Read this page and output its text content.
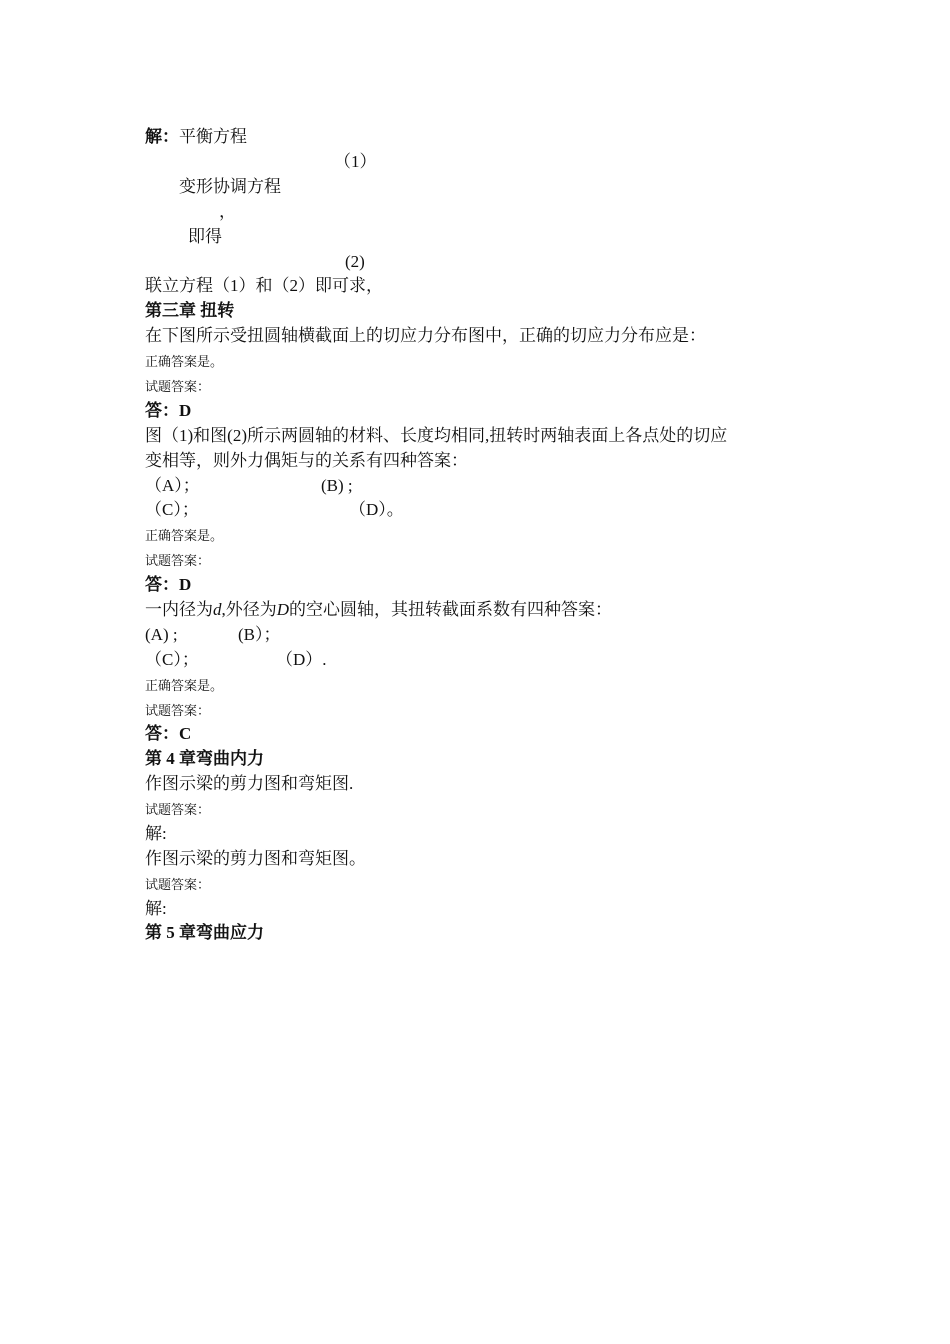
解：平衡方程
（1）
变形协调方程
，
即得
(2)
联立方程（1）和（2）即可求，
第三章 扭转
在下图所示受扭圆轴横截面上的切应力分布图中，正确的切应力分布应是：
正确答案是。
试题答案：
答：D
图（1)和图(2)所示两圆轴的材料、长度均相同,扭转时两轴表面上各点处的切应
变相等，则外力偶矩与的关系有四种答案：
（A）；	(B) ;
（C）；	（D）。
正确答案是。
试题答案：
答：D
一内径为d,外径为D的空心圆轴，其扭转截面系数有四种答案：
(A) ;	(B）；
（C）；	（D）.
正确答案是。
试题答案：
答：C
第 4 章弯曲内力
作图示梁的剪力图和弯矩图.
试题答案：
解:
作图示梁的剪力图和弯矩图。
试题答案：
解:
第 5 章弯曲应力
